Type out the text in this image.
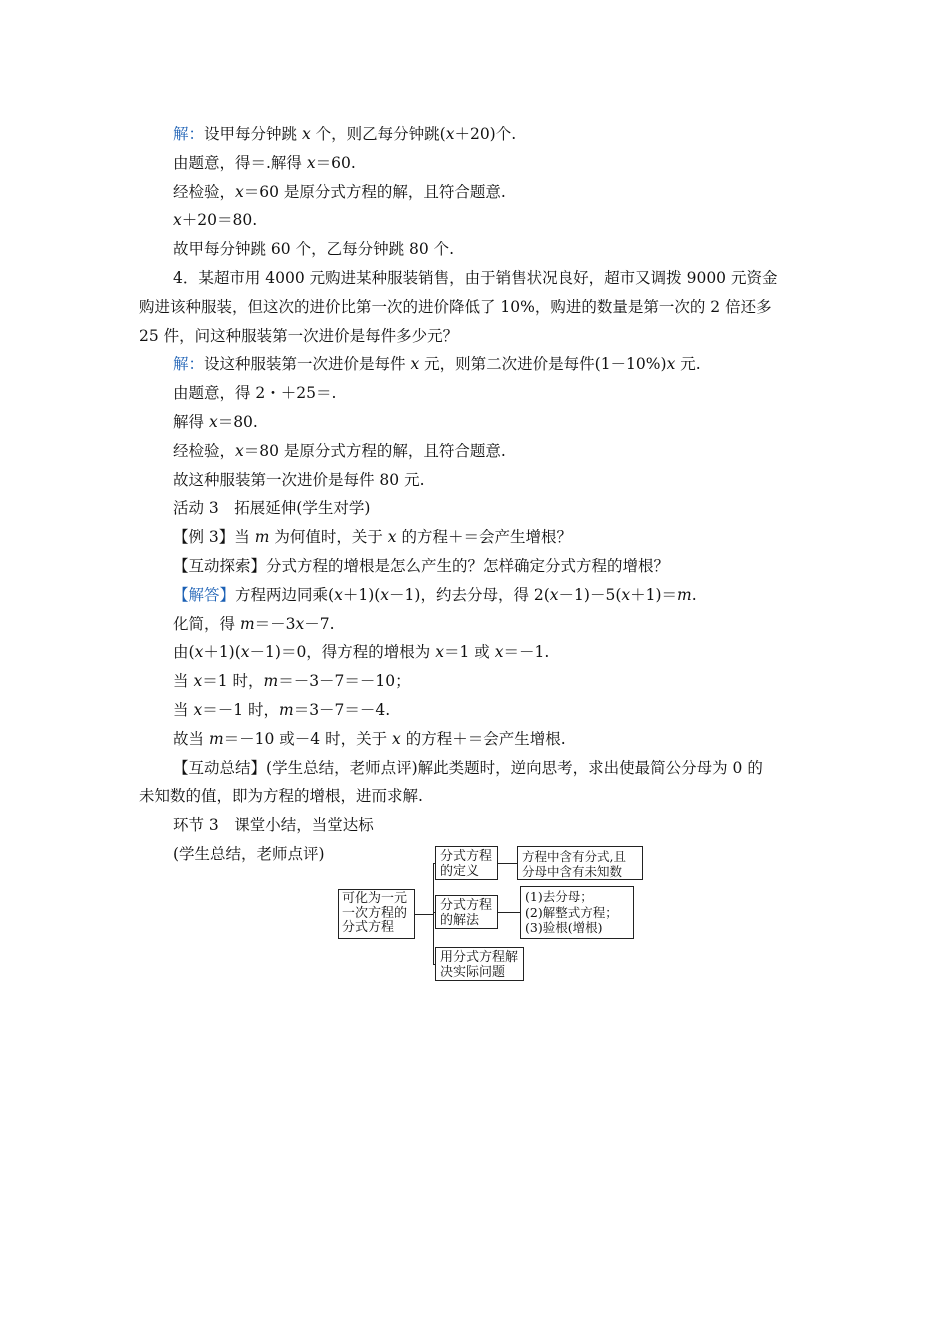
解：设甲每分钟跳 x 个，则乙每分钟跳(x＋20)个.
由题意，得＝.解得 x＝60.
经检验，x＝60 是原分式方程的解，且符合题意.
x＋20＝80.
故甲每分钟跳 60 个，乙每分钟跳 80 个.
4．某超市用 4000 元购进某种服装销售，由于销售状况良好，超市又调拨 9000 元资金
购进该种服装，但这次的进价比第一次的进价降低了 10%，购进的数量是第一次的 2 倍还多
25 件，问这种服装第一次进价是每件多少元？
解：设这种服装第一次进价是每件 x 元，则第二次进价是每件(1－10%)x 元.
由题意，得 2・＋25＝.
解得 x＝80.
经检验，x＝80 是原分式方程的解，且符合题意.
故这种服装第一次进价是每件 80 元.
活动 3　拓展延伸(学生对学)
【例 3】当 m 为何值时，关于 x 的方程＋＝会产生增根？
【互动探索】分式方程的增根是怎么产生的？怎样确定分式方程的增根？
【解答】方程两边同乘(x＋1)(x－1)，约去分母，得 2(x－1)－5(x＋1)＝m.
化简，得 m＝－3x－7.
由(x＋1)(x－1)＝0，得方程的增根为 x＝1 或 x＝－1.
当 x＝1 时，m＝－3－7＝－10；
当 x＝－1 时，m＝3－7＝－4.
故当 m＝－10 或－4 时，关于 x 的方程＋＝会产生增根.
【互动总结】(学生总结，老师点评)解此类题时，逆向思考，求出使最简公分母为 0 的
未知数的值，即为方程的增根，进而求解.
环节 3　课堂小结，当堂达标
(学生总结，老师点评)
可化为一元
一次方程的
分式方程
分式方程
的定义
方程中含有分式,且
分母中含有未知数
分式方程
的解法
(1)去分母；
(2)解整式方程；
(3)验根(增根)
用分式方程解
决实际问题
